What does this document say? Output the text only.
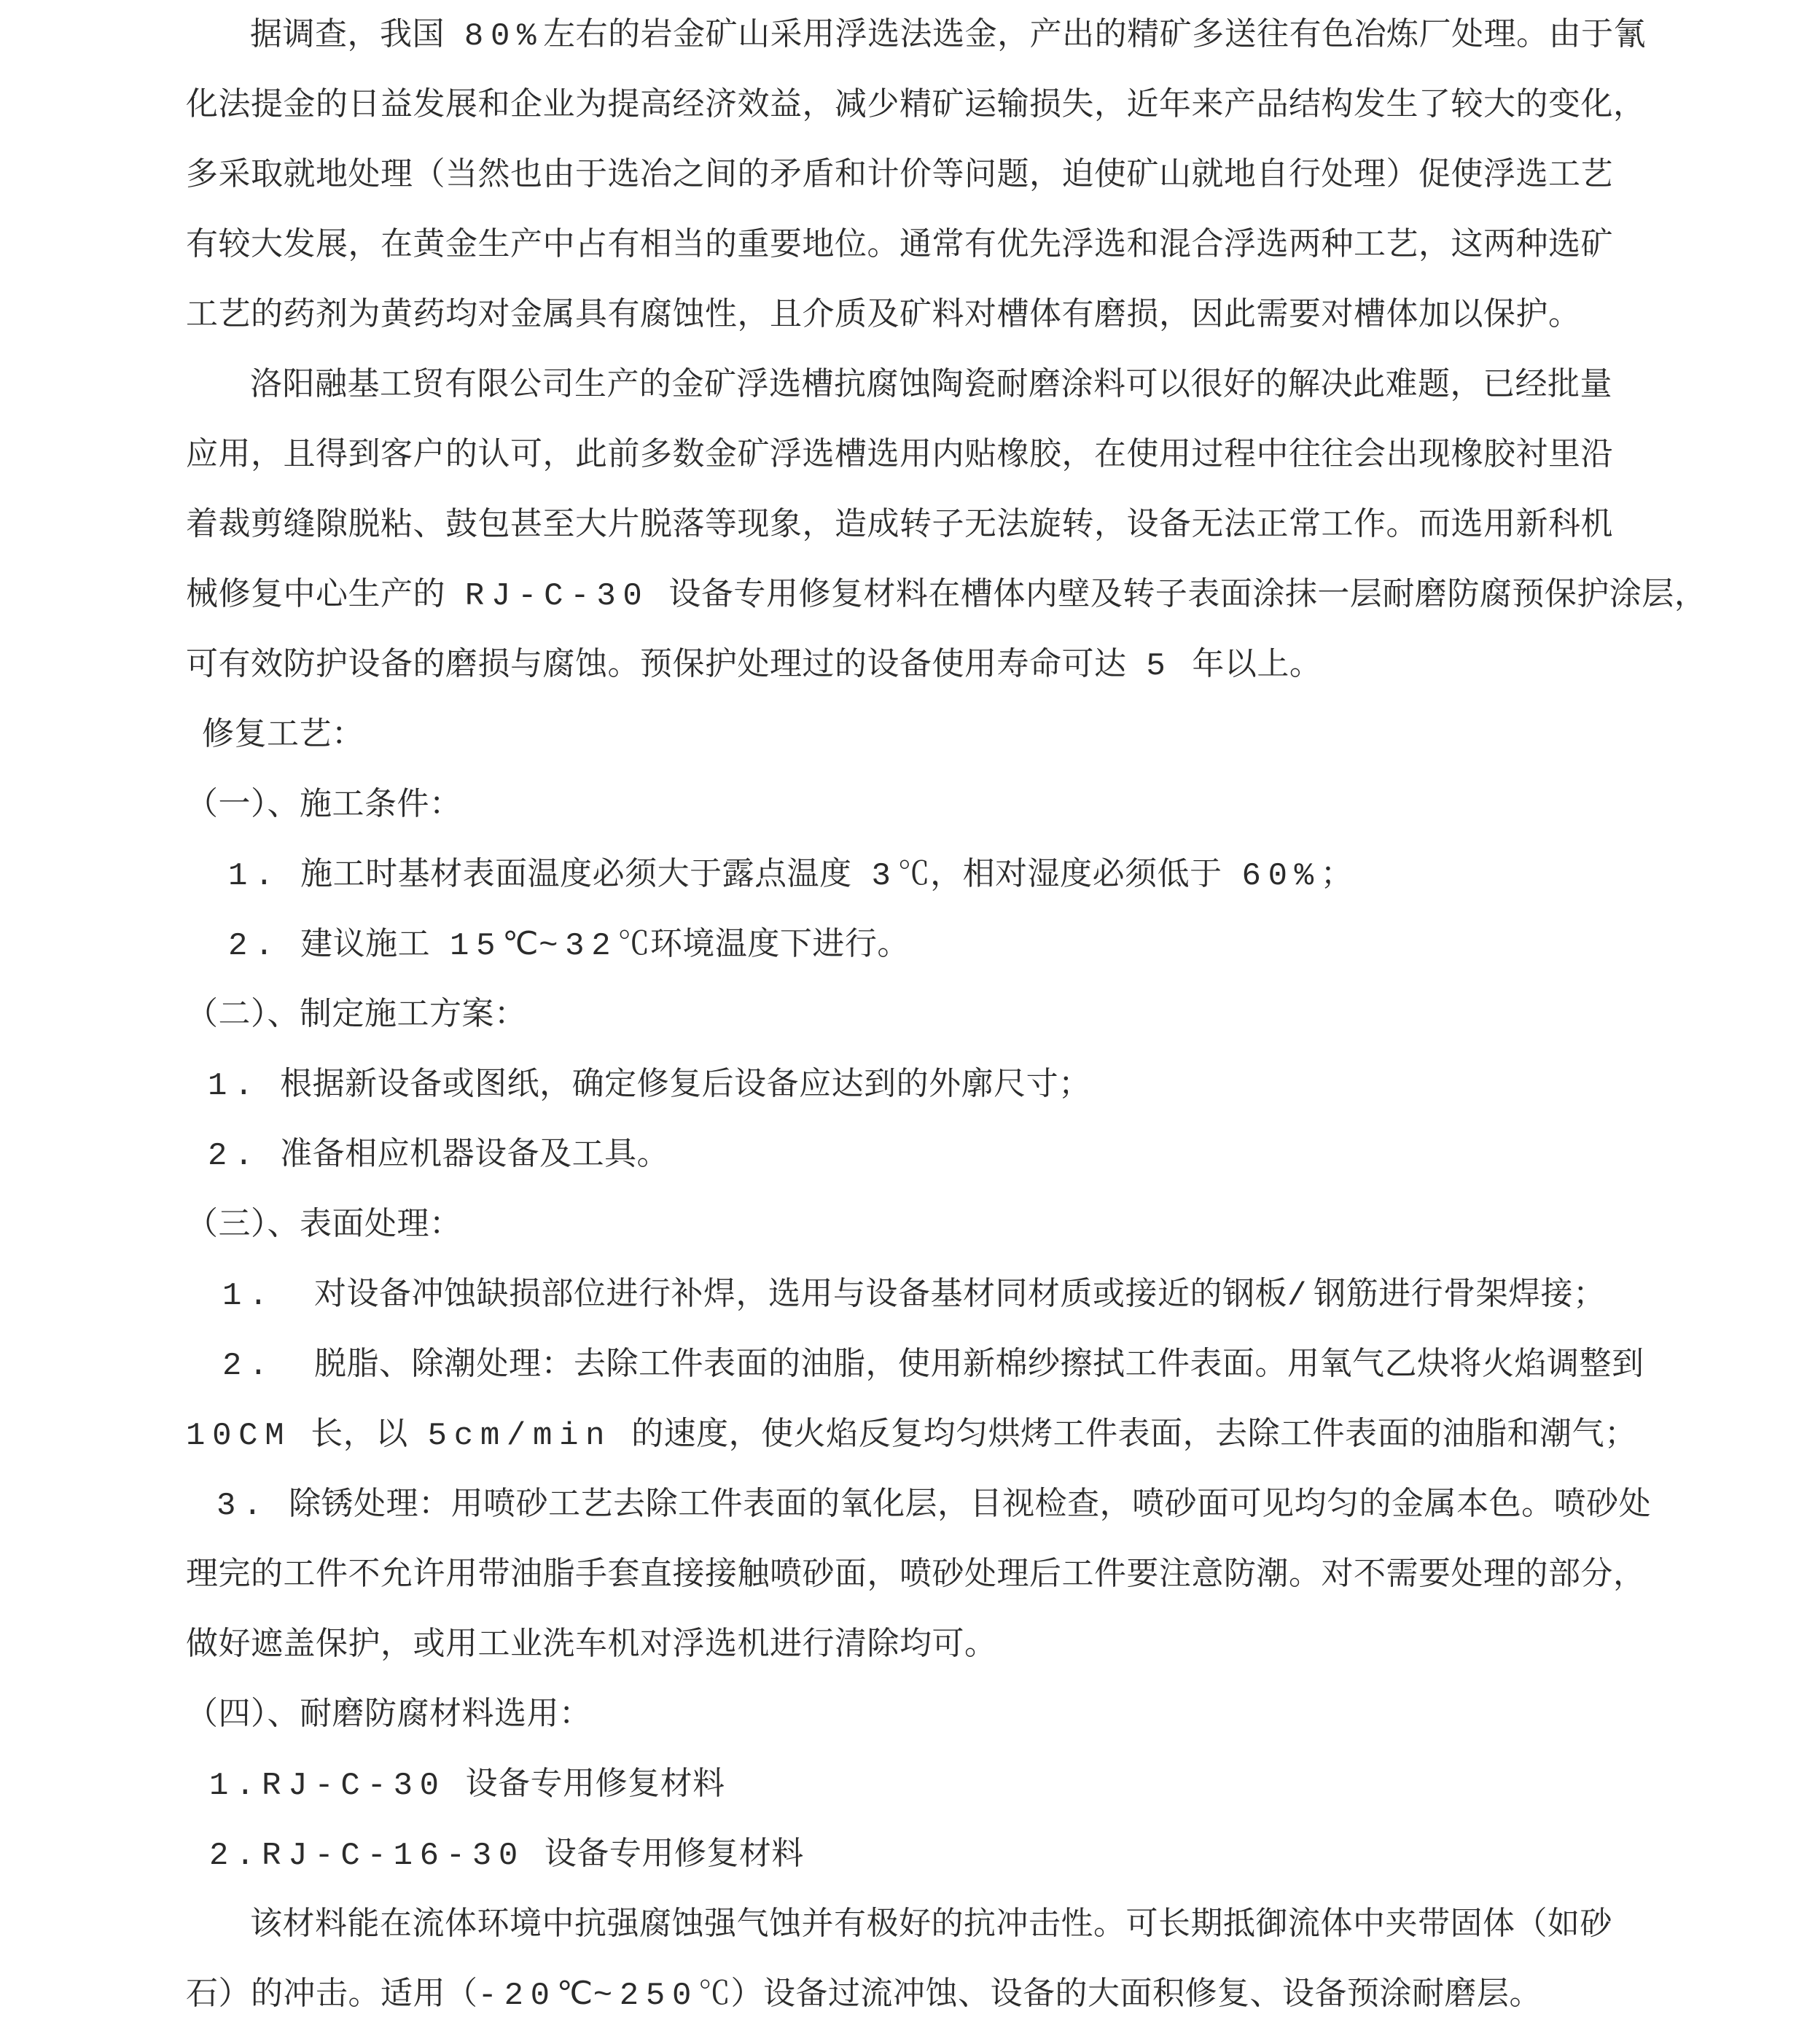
据调查，我国 80%左右的岩金矿山采用浮选法选金，产出的精矿多送往有色冶炼厂处理。由于氰
化法提金的日益发展和企业为提高经济效益，减少精矿运输损失，近年来产品结构发生了较大的变化，
多采取就地处理（当然也由于选冶之间的矛盾和计价等问题，迫使矿山就地自行处理）促使浮选工艺
有较大发展，在黄金生产中占有相当的重要地位。通常有优先浮选和混合浮选两种工艺，这两种选矿
工艺的药剂为黄药均对金属具有腐蚀性，且介质及矿料对槽体有磨损，因此需要对槽体加以保护。
洛阳融基工贸有限公司生产的金矿浮选槽抗腐蚀陶瓷耐磨涂料可以很好的解决此难题，已经批量
应用，且得到客户的认可，此前多数金矿浮选槽选用内贴橡胶，在使用过程中往往会出现橡胶衬里沿
着裁剪缝隙脱粘、鼓包甚至大片脱落等现象，造成转子无法旋转，设备无法正常工作。而选用新科机
械修复中心生产的 RJ-C-30 设备专用修复材料在槽体内壁及转子表面涂抹一层耐磨防腐预保护涂层，
可有效防护设备的磨损与腐蚀。预保护处理过的设备使用寿命可达 5 年以上。
修复工艺：
（一）、施工条件：
1. 施工时基材表面温度必须大于露点温度 3℃，相对湿度必须低于 60%；
2. 建议施工 15℃~32℃环境温度下进行。
（二）、制定施工方案：
1. 根据新设备或图纸，确定修复后设备应达到的外廓尺寸；
2. 准备相应机器设备及工具。
（三）、表面处理：
1.  对设备冲蚀缺损部位进行补焊，选用与设备基材同材质或接近的钢板/钢筋进行骨架焊接；
2.  脱脂、除潮处理：去除工件表面的油脂，使用新棉纱擦拭工件表面。用氧气乙炔将火焰调整到
10CM 长，以 5cm/min 的速度，使火焰反复均匀烘烤工件表面，去除工件表面的油脂和潮气；
3. 除锈处理：用喷砂工艺去除工件表面的氧化层，目视检查，喷砂面可见均匀的金属本色。喷砂处
理完的工件不允许用带油脂手套直接接触喷砂面，喷砂处理后工件要注意防潮。对不需要处理的部分，
做好遮盖保护，或用工业洗车机对浮选机进行清除均可。
（四）、耐磨防腐材料选用：
1.RJ-C-30 设备专用修复材料
2.RJ-C-16-30 设备专用修复材料
该材料能在流体环境中抗强腐蚀强气蚀并有极好的抗冲击性。可长期抵御流体中夹带固体（如砂
石）的冲击。适用（-20℃~250℃）设备过流冲蚀、设备的大面积修复、设备预涂耐磨层。
